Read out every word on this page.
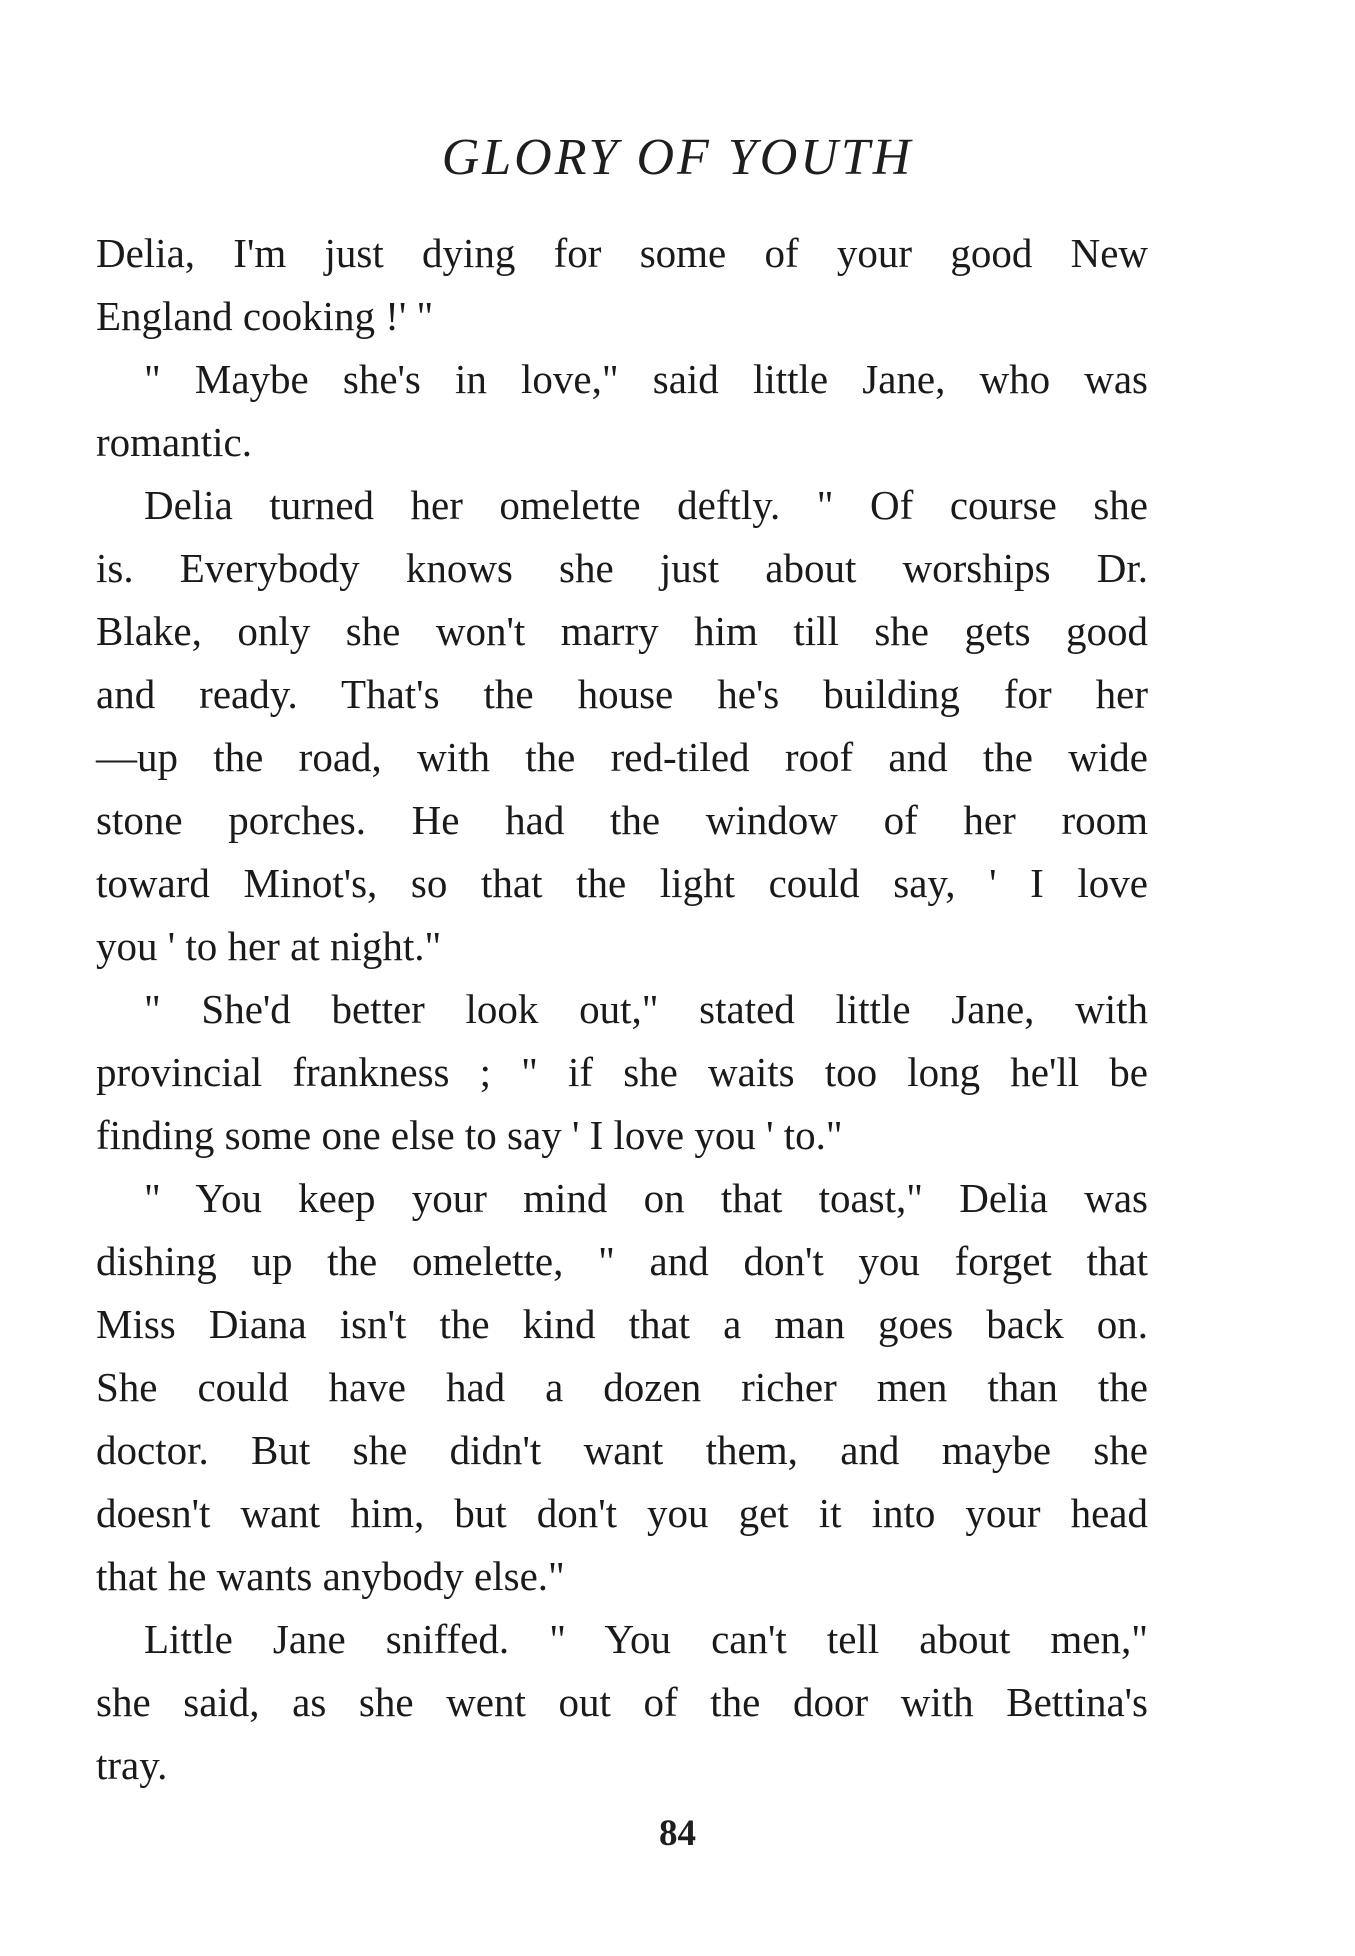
GLORY OF YOUTH
Delia, I'm just dying for some of your good New
England cooking !' "
" Maybe she's in love," said little Jane, who was
romantic.
Delia turned her omelette deftly. " Of course she
is. Everybody knows she just about worships Dr.
Blake, only she won't marry him till she gets good
and ready. That's the house he's building for her
—up the road, with the red-tiled roof and the wide
stone porches. He had the window of her room
toward Minot's, so that the light could say, ' I love
you ' to her at night."
" She'd better look out," stated little Jane, with
provincial frankness ; " if she waits too long he'll be
finding some one else to say ' I love you ' to."
" You keep your mind on that toast," Delia was
dishing up the omelette, " and don't you forget that
Miss Diana isn't the kind that a man goes back on.
She could have had a dozen richer men than the
doctor. But she didn't want them, and maybe she
doesn't want him, but don't you get it into your head
that he wants anybody else."
Little Jane sniffed. " You can't tell about men,"
she said, as she went out of the door with Bettina's
tray.
84
